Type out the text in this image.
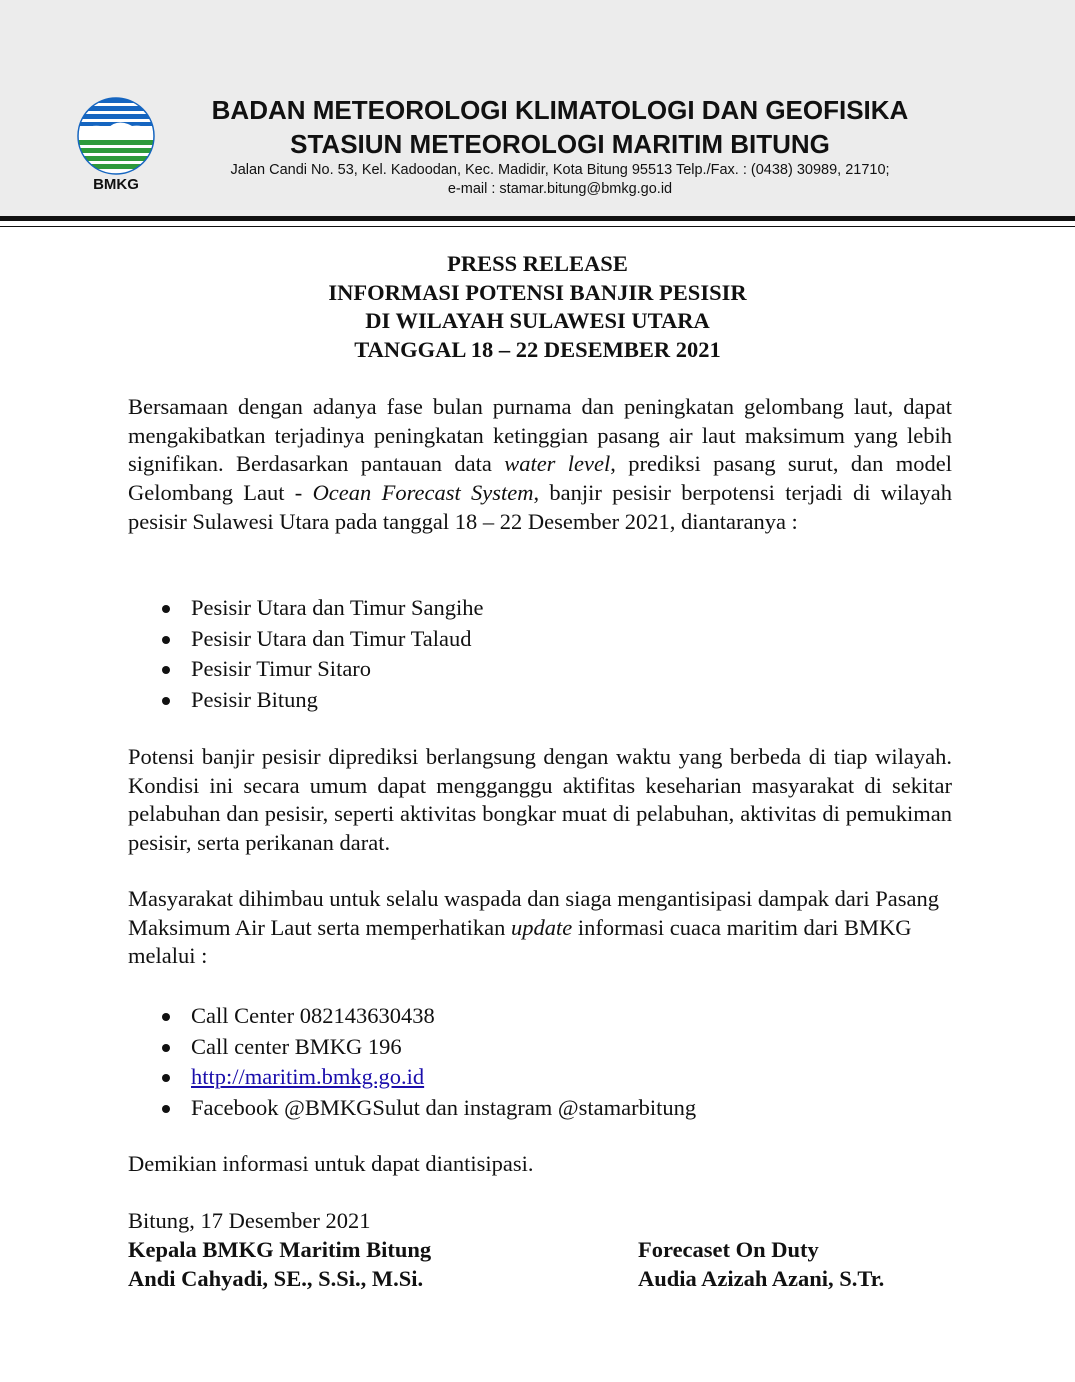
BMKG
BADAN METEOROLOGI KLIMATOLOGI DAN GEOFISIKA
STASIUN METEOROLOGI MARITIM BITUNG
Jalan Candi No. 53, Kel. Kadoodan, Kec. Madidir, Kota Bitung 95513 Telp./Fax. : (0438) 30989, 21710;
e-mail : stamar.bitung@bmkg.go.id
PRESS RELEASE
INFORMASI POTENSI BANJIR PESISIR
DI WILAYAH SULAWESI UTARA
TANGGAL 18 – 22 DESEMBER 2021
Bersamaan dengan adanya fase bulan purnama dan peningkatan gelombang laut, dapat mengakibatkan terjadinya peningkatan ketinggian pasang air laut maksimum yang lebih signifikan. Berdasarkan pantauan data water level, prediksi pasang surut, dan model Gelombang Laut - Ocean Forecast System, banjir pesisir berpotensi terjadi di wilayah pesisir Sulawesi Utara pada tanggal 18 – 22 Desember 2021, diantaranya :
Pesisir Utara dan Timur Sangihe
Pesisir Utara dan Timur Talaud
Pesisir Timur Sitaro
Pesisir Bitung
Potensi banjir pesisir diprediksi berlangsung dengan waktu yang berbeda di tiap wilayah. Kondisi ini secara umum dapat mengganggu aktifitas keseharian masyarakat di sekitar pelabuhan dan pesisir, seperti aktivitas bongkar muat di pelabuhan, aktivitas di pemukiman pesisir, serta perikanan darat.
Masyarakat dihimbau untuk selalu waspada dan siaga mengantisipasi dampak dari Pasang Maksimum Air Laut serta memperhatikan update informasi cuaca maritim dari BMKG melalui :
Call Center 082143630438
Call center BMKG 196
http://maritim.bmkg.go.id
Facebook @BMKGSulut dan instagram @stamarbitung
Demikian informasi untuk dapat diantisipasi.
Bitung, 17 Desember 2021
Kepala BMKG Maritim Bitung
Andi Cahyadi, SE., S.Si., M.Si.
Forecaset On Duty
Audia Azizah Azani, S.Tr.
